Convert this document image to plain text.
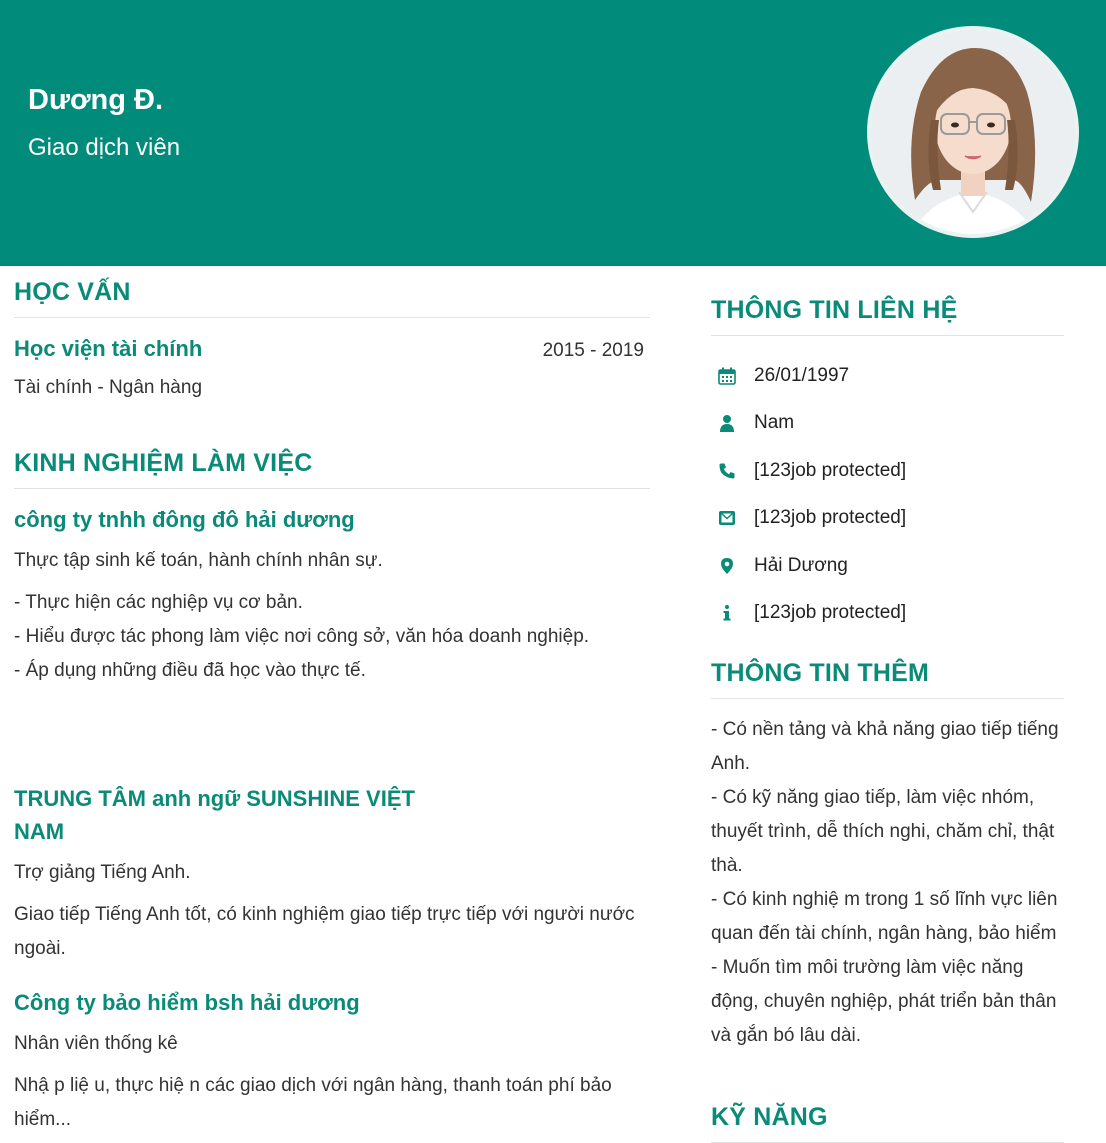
Dương Đ.
Giao dịch viên
HỌC VẤN
Học viện tài chính	2015 - 2019

Tài chính - Ngân hàng

KINH NGHIỆM LÀM VIỆC
công ty tnhh đông đô hải dương

Thực tập sinh kế toán, hành chính nhân sự.

- Thực hiện các nghiệp vụ cơ bản.

- Hiểu được tác phong làm việc nơi công sở, văn hóa doanh nghiệp.

- Áp dụng những điều đã học vào thực tế.

TRUNG TÂM anh ngữ SUNSHINE VIỆT
NAM

Trợ giảng Tiếng Anh.

Giao tiếp Tiếng Anh tốt, có kinh nghiệm giao tiếp trực tiếp với người nước

ngoài.

Công ty bảo hiểm bsh hải dương

Nhân viên thống kê

Nhậ p liệ u, thực hiệ n các giao dịch với ngân hàng, thanh toán phí bảo

hiểm...

THÔNG TIN LIÊN HỆ
26/01/1997
Nam
[123job protected]
[123job protected]
Hải Dương
[123job protected]
THÔNG TIN THÊM

- Có nền tảng và khả năng giao tiếp tiếng

Anh.

- Có kỹ năng giao tiếp, làm việc nhóm,

thuyết trình, dễ thích nghi, chăm chỉ, thật

thà.

- Có kinh nghiệ m trong 1 số lĩnh vực liên

quan đến tài chính, ngân hàng, bảo hiểm

- Muốn tìm môi trường làm việc năng

động, chuyên nghiệp, phát triển bản thân

và gắn bó lâu dài.

KỸ NĂNG
